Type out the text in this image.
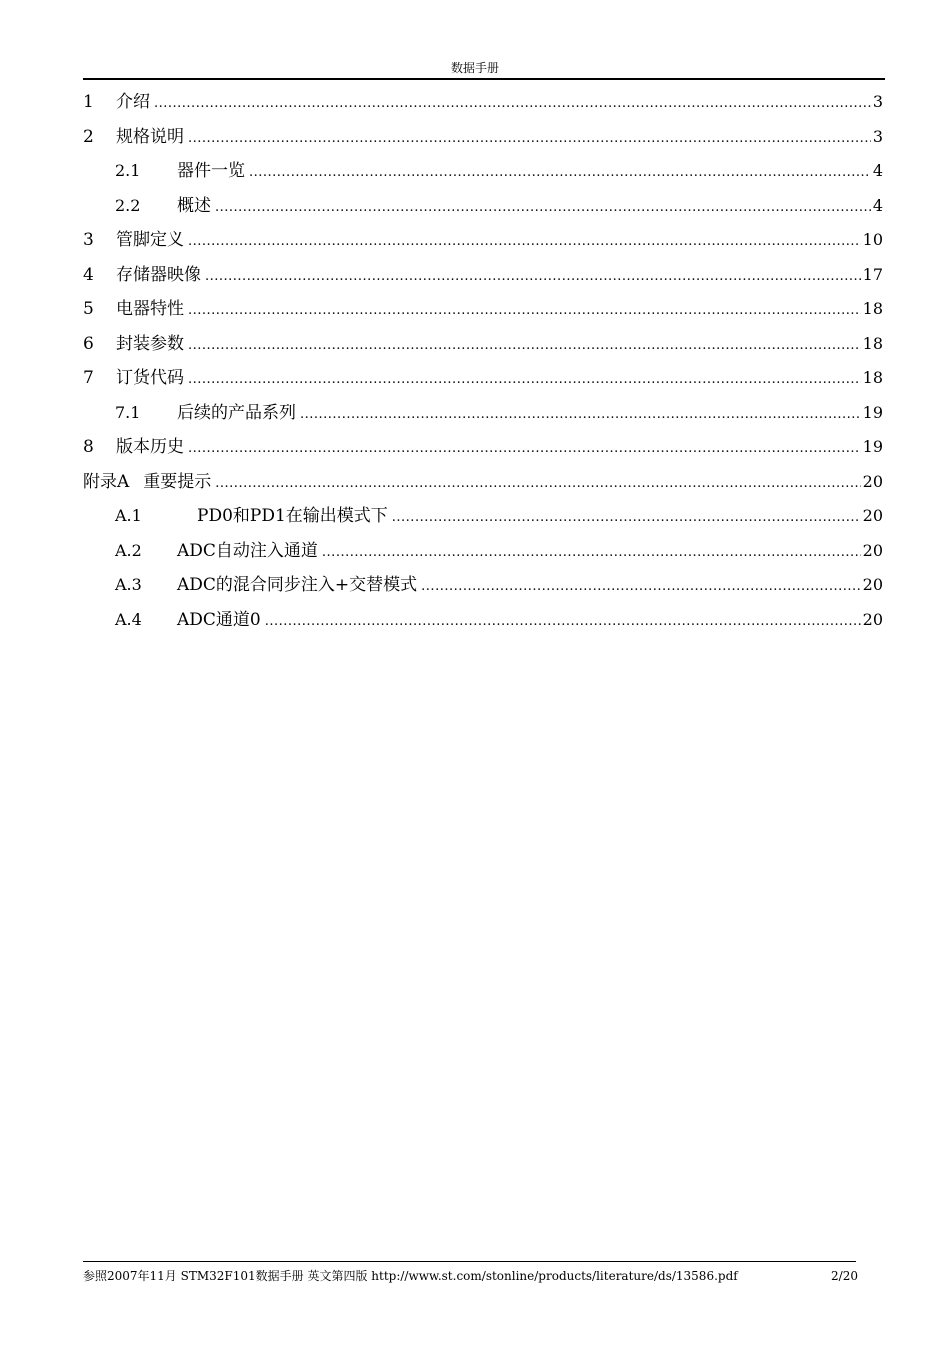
数据手册
1	介绍 .....	3
2	规格说明 .....	3
2.1	器件一览 .....	4
2.2	概述 .....	4
3	管脚定义 .....	10
4	存储器映像 .....	17
5	电器特性 .....	18
6	封装参数 .....	18
7	订货代码 .....	18
7.1	后续的产品系列 .....	19
8	版本历史 .....	19
附录A 重要提示 .....	20
A.1	PD0和PD1在输出模式下 .....	20
A.2	ADC自动注入通道 .....	20
A.3	ADC的混合同步注入+交替模式 .....	20
A.4	ADC通道0 .....	20
参照2007年11月 STM32F101数据手册 英文第四版 http://www.st.com/stonline/products/literature/ds/13586.pdf	2/20
